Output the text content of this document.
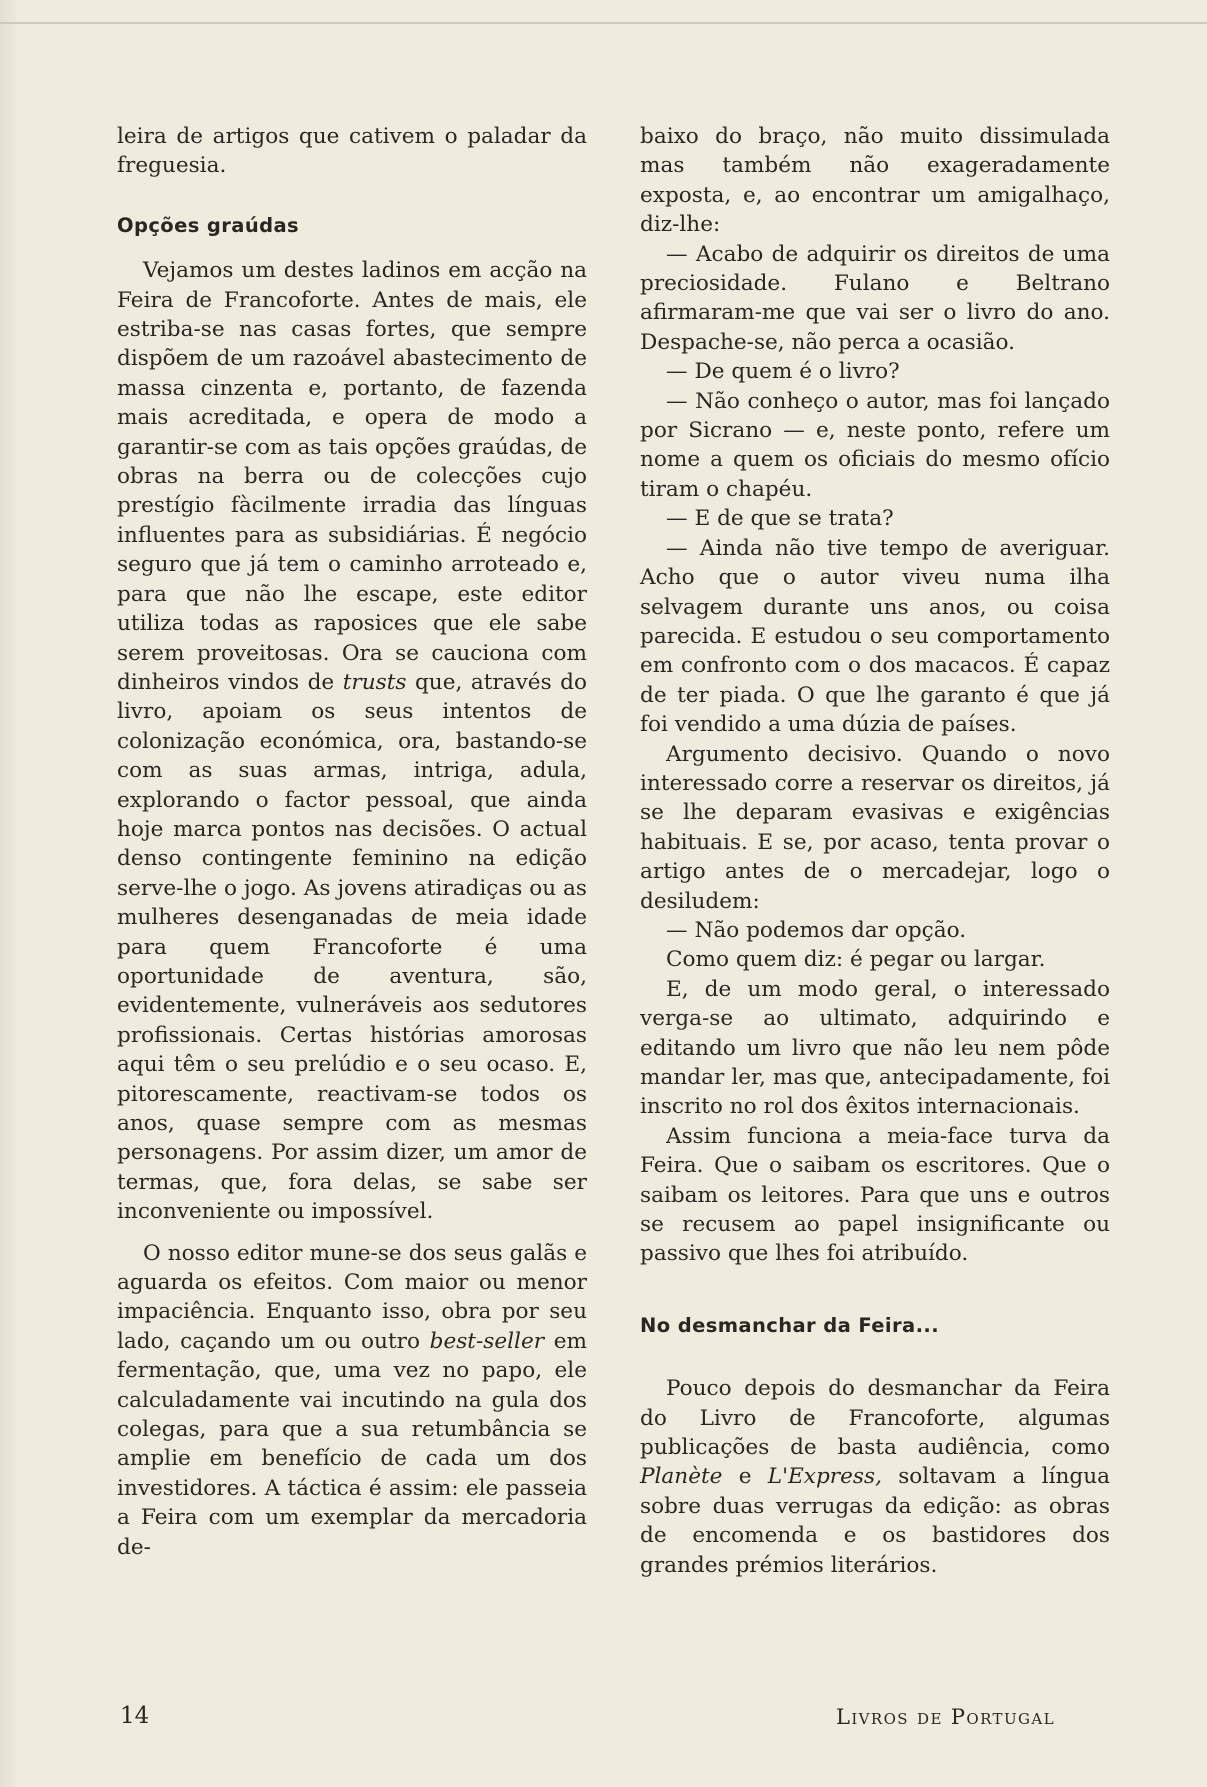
leira de artigos que cativem o paladar da freguesia.

Opções graúdas

Vejamos um destes ladinos em acção na Feira de Francoforte. Antes de mais, ele estriba-se nas casas fortes, que sempre dispõem de um razoável abastecimento de massa cinzenta e, portanto, de fazenda mais acreditada, e opera de modo a garantir-se com as tais opções graúdas, de obras na berra ou de colecções cujo prestígio fàcilmente irradia das línguas influentes para as subsidiárias. É negócio seguro que já tem o caminho arroteado e, para que não lhe escape, este editor utiliza todas as raposices que ele sabe serem proveitosas. Ora se cauciona com dinheiros vindos de trusts que, através do livro, apoiam os seus intentos de colonização económica, ora, bastando-se com as suas armas, intriga, adula, explorando o factor pessoal, que ainda hoje marca pontos nas decisões. O actual denso contingente feminino na edição serve-lhe o jogo. As jovens atiradiças ou as mulheres desenganadas de meia idade para quem Francoforte é uma oportunidade de aventura, são, evidentemente, vulneráveis aos sedutores profissionais. Certas histórias amorosas aqui têm o seu prelúdio e o seu ocaso. E, pitorescamente, reactivam-se todos os anos, quase sempre com as mesmas personagens. Por assim dizer, um amor de termas, que, fora delas, se sabe ser inconveniente ou impossível.

O nosso editor mune-se dos seus galãs e aguarda os efeitos. Com maior ou menor impaciência. Enquanto isso, obra por seu lado, caçando um ou outro best-seller em fermentação, que, uma vez no papo, ele calculadamente vai incutindo na gula dos colegas, para que a sua retumbância se amplie em benefício de cada um dos investidores. A táctica é assim: ele passeia a Feira com um exemplar da mercadoria de-

baixo do braço, não muito dissimulada mas também não exageradamente exposta, e, ao encontrar um amigalhaço, diz-lhe:

— Acabo de adquirir os direitos de uma preciosidade. Fulano e Beltrano afirmaram-me que vai ser o livro do ano. Despache-se, não perca a ocasião.

— De quem é o livro?

— Não conheço o autor, mas foi lançado por Sicrano — e, neste ponto, refere um nome a quem os oficiais do mesmo ofício tiram o chapéu.

— E de que se trata?

— Ainda não tive tempo de averiguar. Acho que o autor viveu numa ilha selvagem durante uns anos, ou coisa parecida. E estudou o seu comportamento em confronto com o dos macacos. É capaz de ter piada. O que lhe garanto é que já foi vendido a uma dúzia de países.

Argumento decisivo. Quando o novo interessado corre a reservar os direitos, já se lhe deparam evasivas e exigências habituais. E se, por acaso, tenta provar o artigo antes de o mercadejar, logo o desiludem:

— Não podemos dar opção.

Como quem diz: é pegar ou largar.

E, de um modo geral, o interessado verga-se ao ultimato, adquirindo e editando um livro que não leu nem pôde mandar ler, mas que, antecipadamente, foi inscrito no rol dos êxitos internacionais.

Assim funciona a meia-face turva da Feira. Que o saibam os escritores. Que o saibam os leitores. Para que uns e outros se recusem ao papel insignificante ou passivo que lhes foi atribuído.

No desmanchar da Feira...

Pouco depois do desmanchar da Feira do Livro de Francoforte, algumas publicações de basta audiência, como Planète e L'Express, soltavam a língua sobre duas verrugas da edição: as obras de encomenda e os bastidores dos grandes prémios literários.

14	Livros de Portugal
